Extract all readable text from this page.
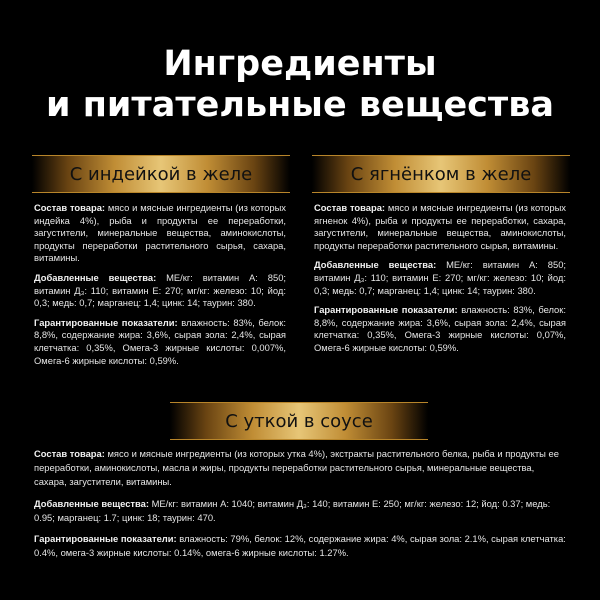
Ингредиенты
и питательные вещества
С индейкой в желе

Состав товара: мясо и мясные ингредиенты (из которых индейка 4%), рыба и продукты ее переработки, загустители, минеральные вещества, аминокислоты, продукты переработки растительного сырья, сахара, витамины.

Добавленные вещества: МЕ/кг: витамин А: 850; витамин Д₃: 110; витамин Е: 270; мг/кг: железо: 10; йод: 0,3; медь: 0,7; марганец: 1,4; цинк: 14; таурин: 380.

Гарантированные показатели: влажность: 83%, белок: 8,8%, содержание жира: 3,6%, сырая зола: 2,4%, сырая клетчатка: 0,35%, Омега-3 жирные кислоты: 0,007%, Омега-6 жирные кислоты: 0,59%.

С ягнёнком в желе

Состав товара: мясо и мясные ингредиенты (из которых ягненок 4%), рыба и продукты ее переработки, сахара, загустители, минеральные вещества, аминокислоты, продукты переработки растительного сырья, витамины.

Добавленные вещества: МЕ/кг: витамин А: 850; витамин Д₃: 110; витамин Е: 270; мг/кг: железо: 10; йод: 0,3; медь: 0,7; марганец: 1,4; цинк: 14; таурин: 380.

Гарантированные показатели: влажность: 83%, белок: 8,8%, содержание жира: 3,6%, сырая зола: 2,4%, сырая клетчатка: 0,35%, Омега-3 жирные кислоты: 0,07%, Омега-6 жирные кислоты: 0,59%.

С уткой в соусе

Состав товара: мясо и мясные ингредиенты (из которых утка 4%), экстракты растительного белка, рыба и продукты ее переработки, аминокислоты, масла и жиры, продукты переработки растительного сырья, минеральные вещества, сахара, загустители, витамины.

Добавленные вещества: МЕ/кг: витамин А: 1040; витамин Д₃: 140; витамин Е: 250; мг/кг: железо: 12; йод: 0.37; медь: 0.95; марганец: 1.7; цинк: 18; таурин: 470.

Гарантированные показатели: влажность: 79%, белок: 12%, содержание жира: 4%, сырая зола: 2.1%, сырая клетчатка: 0.4%, омега-3 жирные кислоты: 0.14%, омега-6 жирные кислоты: 1.27%.
